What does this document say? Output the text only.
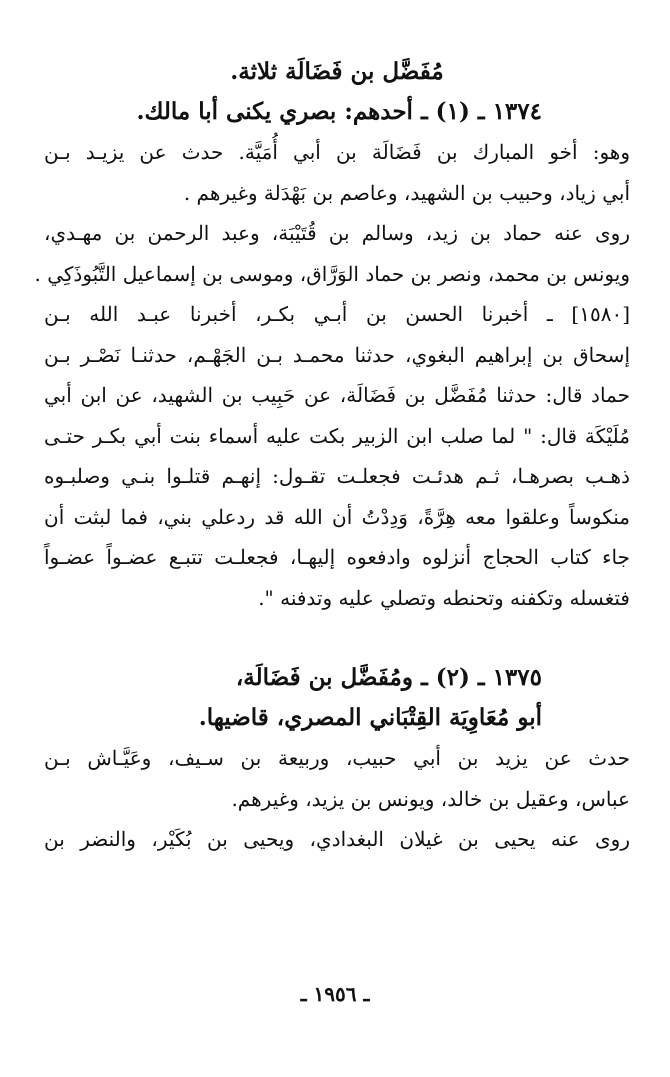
مُفَضَّل بن فَضَالَة ثلاثة.

١٣٧٤ ـ (١) ـ أحدهم: بصري يكنى أبا مالك.

وهو: أخو المبارك بن فَضَالَة بن أبي أُمَيَّة. حدث عن يزيـد بـن

أبي زياد، وحبيب بن الشهيد، وعاصم بن بَهْدَلة وغيرهم .

روى عنه حماد بن زيد، وسالم بن قُتَيْبَة، وعبد الرحمن بن مهـدي،

ويونس بن محمد، ونصر بن حماد الوَرَّاق، وموسى بن إسماعيل التَّبُوذَكِي .

[١٥٨٠] ـ أخبرنا الحسن بن أبـي بكـر، أخبرنا عبـد الله بـن

إسحاق بن إبراهيم البغوي، حدثنا محمـد بـن الجَهْـم، حدثنـا نَصْـر بـن

حماد قال: حدثنا مُفَضَّل بن فَضَالَة، عن حَبِيب بن الشهيد، عن ابن أبي

مُلَيْكَة قال: " لما صلب ابن الزبير بكت عليه أسماء بنت أبي بكـر حتـى

ذهـب بصرهـا، ثـم هدئـت فجعلـت تقـول: إنهـم قتلـوا بنـي وصلبـوه

منكوساً وعلقوا معه هِرَّةً، وَدِدْتُ أن الله قد ردعلي بني، فما لبثت أن

جاء كتاب الحجاج أنزلوه وادفعوه إليهـا، فجعلـت تتبـع عضـواً عضـواً

فتغسله وتكفنه وتحنطه وتصلي عليه وتدفنه ".

١٣٧٥ ـ (٢) ـ ومُفَضَّل بن فَضَالَة،

أبو مُعَاوِيَة القِتْبَاني المصري، قاضيها.

حدث عن يزيد بن أبي حبيب، وربيعة بن سـيف، وعَيَّـاش بـن

عباس، وعقيل بن خالد، ويونس بن يزيد، وغيرهم.

روى عنه يحيى بن غيلان البغدادي، ويحيى بن بُكَيْر، والنضر بن

ـ ١٩٥٦ ـ
